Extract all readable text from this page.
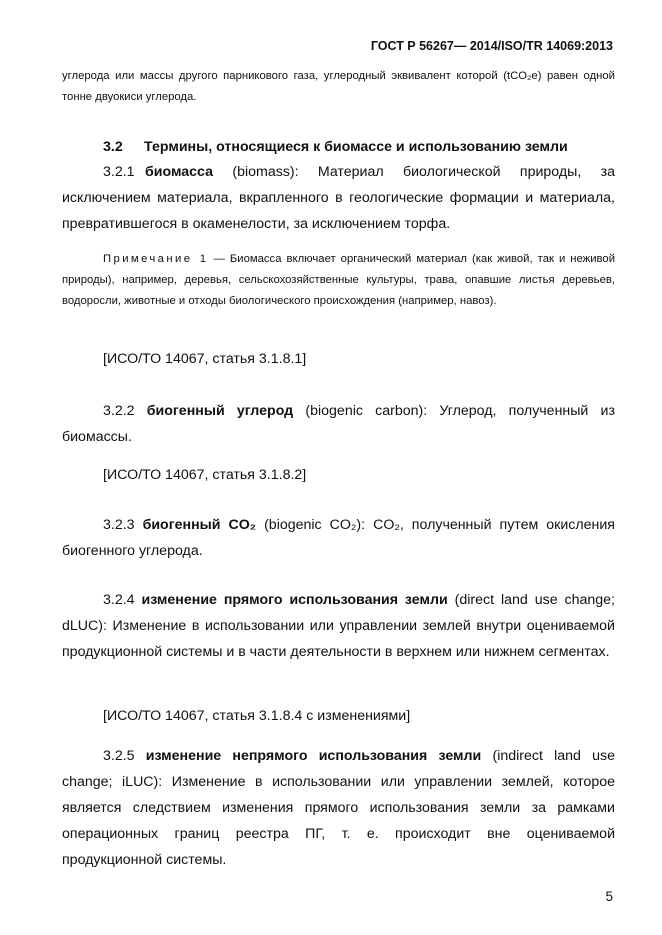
ГОСТ Р 56267— 2014/ISO/TR 14069:2013

углерода или массы другого парникового газа, углеродный эквивалент которой (tCO₂e) равен одной тонне двуокиси углерода.

3.2 Термины, относящиеся к биомассе и использованию земли

3.2.1 биомасса (biomass): Материал биологической природы, за исключением материала, вкрапленного в геологические формации и материала, превратившегося в окаменелости, за исключением торфа.

Примечание 1 — Биомасса включает органический материал (как живой, так и неживой природы), например, деревья, сельскохозяйственные культуры, трава, опавшие листья деревьев, водоросли, животные и отходы биологического происхождения (например, навоз).

[ИСО/ТО 14067, статья 3.1.8.1]

3.2.2 биогенный углерод (biogenic carbon): Углерод, полученный из биомассы.

[ИСО/ТО 14067, статья 3.1.8.2]

3.2.3 биогенный CO₂ (biogenic CO₂): CO₂, полученный путем окисления биогенного углерода.

3.2.4 изменение прямого использования земли (direct land use change; dLUC): Изменение в использовании или управлении землей внутри оцениваемой продукционной системы и в части деятельности в верхнем или нижнем сегментах.

[ИСО/ТО 14067, статья 3.1.8.4 с изменениями]

3.2.5 изменение непрямого использования земли (indirect land use change; iLUC): Изменение в использовании или управлении землей, которое является следствием изменения прямого использования земли за рамками операционных границ реестра ПГ, т. е. происходит вне оцениваемой продукционной системы.

5
